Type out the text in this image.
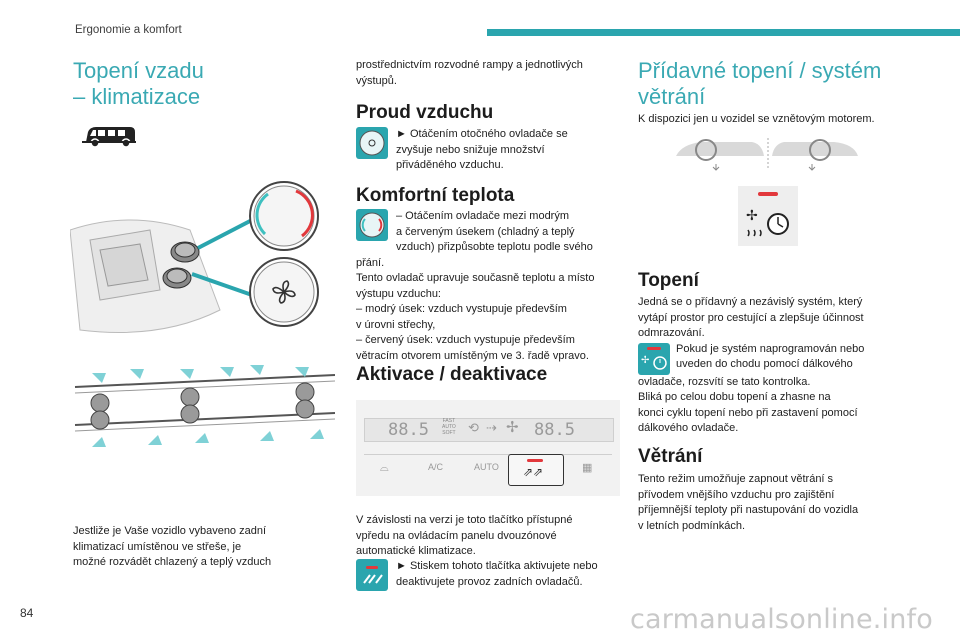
Ergonomie a komfort
Topení vzadu
– klimatizace

Jestliže je Vaše vozidlo vybaveno zadní

klimatizací umístěnou ve střeše, je

možné rozvádět chlazený a teplý vzduch

prostřednictvím rozvodné rampy a jednotlivých

výstupů.

Proud vzduchu

► Otáčením otočného ovladače se

zvyšuje nebo snižuje množství

přiváděného vzduchu.

Komfortní teplota

– Otáčením ovladače mezi modrým

a červeným úsekem (chladný a teplý

vzduch) přizpůsobte teplotu podle svého přání.

Tento ovladač upravuje současně teplotu a místo

výstupu vzduchu:

– modrý úsek: vzduch vystupuje především

v úrovni střechy,

– červený úsek: vzduch vystupuje především

větracím otvorem umístěným ve 3. řadě vpravo.

Aktivace / deaktivace
88.5	FAST
AUTO
SOFT ⟲ ⇢ ✢ 88.5
⌓	A/C	AUTO ⇗⇗	▦

V závislosti na verzi je toto tlačítko přístupné

vpředu na ovládacím panelu dvouzónové

automatické klimatizace.

► Stiskem tohoto tlačítka aktivujete nebo

deaktivujete provoz zadních ovladačů.

Přídavné topení / systém
větrání
K dispozici jen u vozidel se vznětovým motorem.
✢
Topení

Jedná se o přídavný a nezávislý systém, který

vytápí prostor pro cestující a zlepšuje účinnost

odmrazování.

✢

Pokud je systém naprogramován nebo

uveden do chodu pomocí dálkového

ovladače, rozsvítí se tato kontrolka.

Bliká po celou dobu topení a zhasne na

konci cyklu topení nebo při zastavení pomocí

dálkového ovladače.

Větrání

Tento režim umožňuje zapnout větrání s

přívodem vnějšího vzduchu pro zajištění

příjemnější teploty při nastupování do vozidla

v letních podmínkách.

84	carmanualsonline.info
